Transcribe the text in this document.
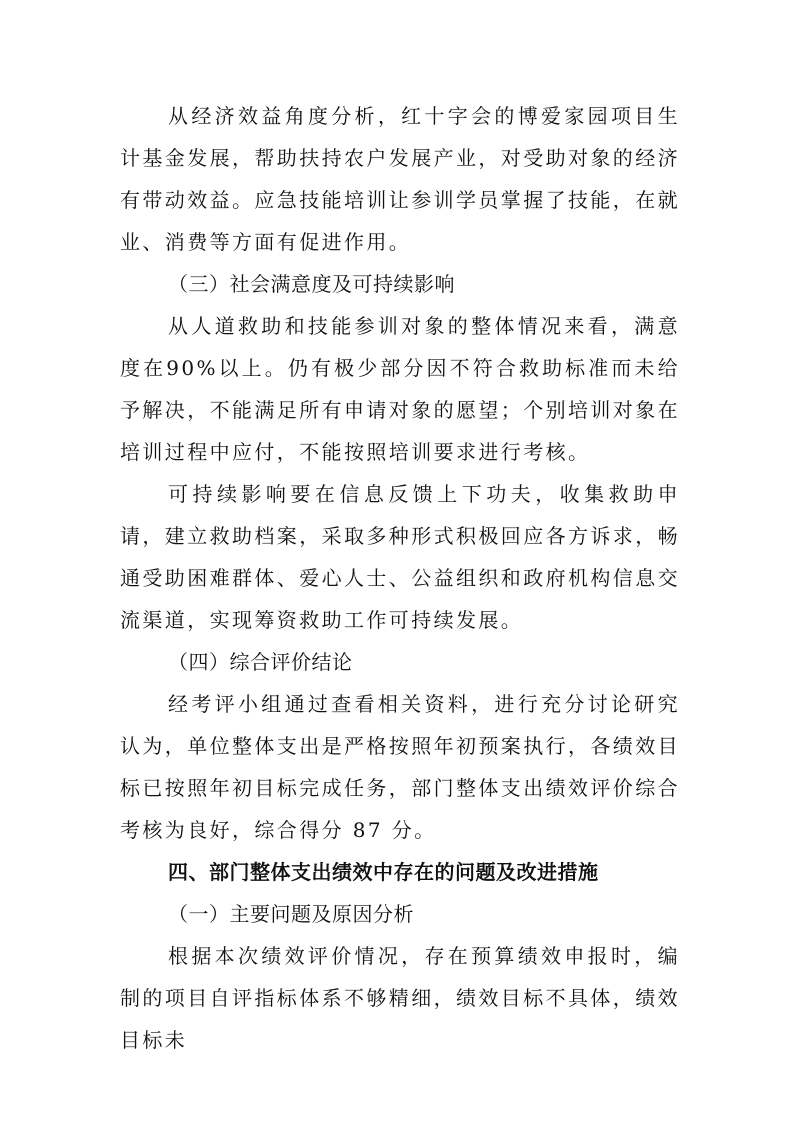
从经济效益角度分析，红十字会的博爱家园项目生计基金发展，帮助扶持农户发展产业，对受助对象的经济有带动效益。应急技能培训让参训学员掌握了技能，在就业、消费等方面有促进作用。

（三）社会满意度及可持续影响

从人道救助和技能参训对象的整体情况来看，满意度在90%以上。仍有极少部分因不符合救助标准而未给予解决，不能满足所有申请对象的愿望；个别培训对象在培训过程中应付，不能按照培训要求进行考核。

可持续影响要在信息反馈上下功夫，收集救助申请，建立救助档案，采取多种形式积极回应各方诉求，畅通受助困难群体、爱心人士、公益组织和政府机构信息交流渠道，实现筹资救助工作可持续发展。

（四）综合评价结论

经考评小组通过查看相关资料，进行充分讨论研究认为，单位整体支出是严格按照年初预案执行，各绩效目标已按照年初目标完成任务，部门整体支出绩效评价综合考核为良好，综合得分 87 分。

四、部门整体支出绩效中存在的问题及改进措施

（一）主要问题及原因分析

根据本次绩效评价情况，存在预算绩效申报时，编制的项目自评指标体系不够精细，绩效目标不具体，绩效目标未
